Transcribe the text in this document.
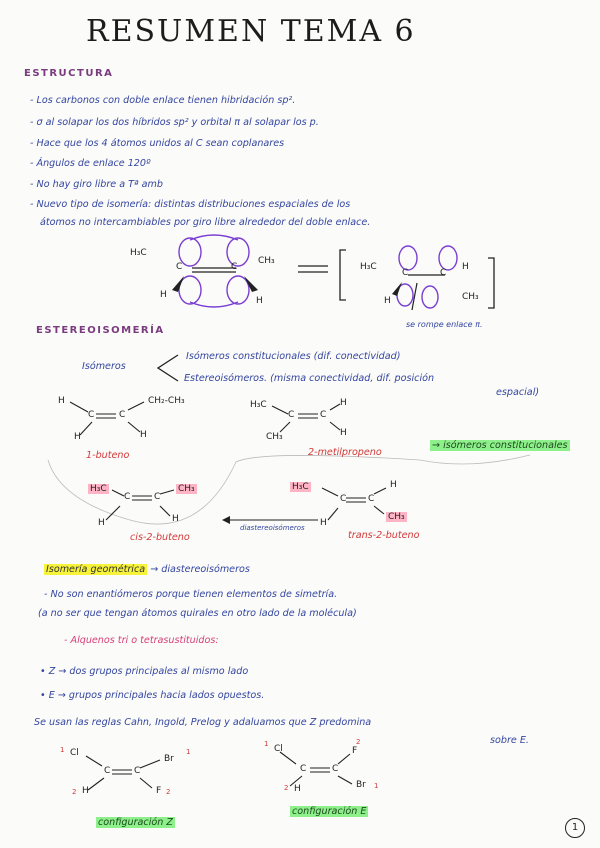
RESUMEN TEMA 6
ESTRUCTURA
- Los carbonos con doble enlace tienen hibridación sp².
- σ al solapar los dos híbridos sp² y orbital π al solapar los p.
- Hace que los 4 átomos unidos al C sean coplanares
- Ángulos de enlace 120º
- No hay giro libre a Tª amb
- Nuevo tipo de isomería: distintas distribuciones espaciales de los
átomos no intercambiables por giro libre alrededor del doble enlace.
H₃C
C	C
CH₃
H
H
H₃C
C	C
H
CH₃
H
se rompe enlace π.
ESTEREOISOMERÍA
Isómeros
Isómeros constitucionales (dif. conectividad)
Estereoisómeros. (misma conectividad, dif. posición
espacial)
H
C	C
CH₂-CH₃
H	H
1-buteno
H₃C
C	C
H
CH₃	H
2-metilpropeno
→ isómeros constitucionales
H₃C
C	C
CH₃
H	H
cis-2-buteno
H₃C
C C
H
H
CH₃
trans-2-buteno
diastereoisómeros
Isomería geométrica → diastereoisómeros
- No son enantiómeros porque tienen elementos de simetría.
(a no ser que tengan átomos quirales en otro lado de la molécula)
- Alquenos tri o tetrasustituidos:
• Z → dos grupos principales al mismo lado
• E → grupos principales hacia lados opuestos.
Se usan las reglas Cahn, Ingold, Prelog y adaluamos que Z predomina
sobre E.
1 Cl
C	C
Br
1
2 H	F 2
configuración Z
1 Cl
C	C
2
F
2 H	Br 1
configuración E
1
